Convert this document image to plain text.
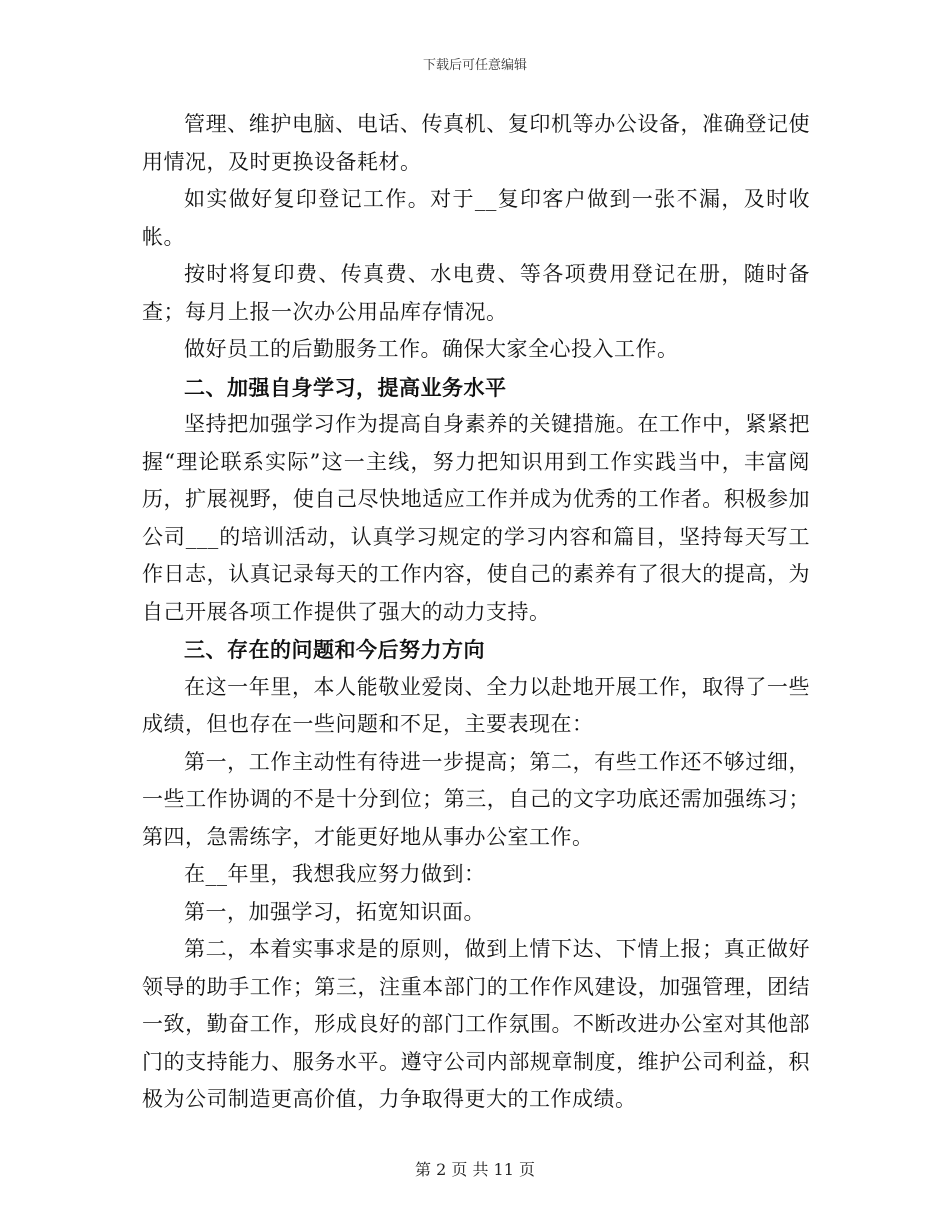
下载后可任意编辑

管理、维护电脑、电话、传真机、复印机等办公设备，准确登记使用情况，及时更换设备耗材。

如实做好复印登记工作。对于__复印客户做到一张不漏，及时收帐。

按时将复印费、传真费、水电费、等各项费用登记在册，随时备查；每月上报一次办公用品库存情况。

做好员工的后勤服务工作。确保大家全心投入工作。

二、加强自身学习，提高业务水平

坚持把加强学习作为提高自身素养的关键措施。在工作中，紧紧把握“理论联系实际”这一主线，努力把知识用到工作实践当中，丰富阅历，扩展视野，使自己尽快地适应工作并成为优秀的工作者。积极参加公司___的培训活动，认真学习规定的学习内容和篇目，坚持每天写工作日志，认真记录每天的工作内容，使自己的素养有了很大的提高，为自己开展各项工作提供了强大的动力支持。

三、存在的问题和今后努力方向

在这一年里，本人能敬业爱岗、全力以赴地开展工作，取得了一些成绩，但也存在一些问题和不足，主要表现在：

第一，工作主动性有待进一步提高；第二，有些工作还不够过细，一些工作协调的不是十分到位；第三，自己的文字功底还需加强练习；第四，急需练字，才能更好地从事办公室工作。

在__年里，我想我应努力做到：

第一，加强学习，拓宽知识面。

第二，本着实事求是的原则，做到上情下达、下情上报；真正做好领导的助手工作；第三，注重本部门的工作作风建设，加强管理，团结一致，勤奋工作，形成良好的部门工作氛围。不断改进办公室对其他部门的支持能力、服务水平。遵守公司内部规章制度，维护公司利益，积极为公司制造更高价值，力争取得更大的工作成绩。

第 2 页 共 11 页
